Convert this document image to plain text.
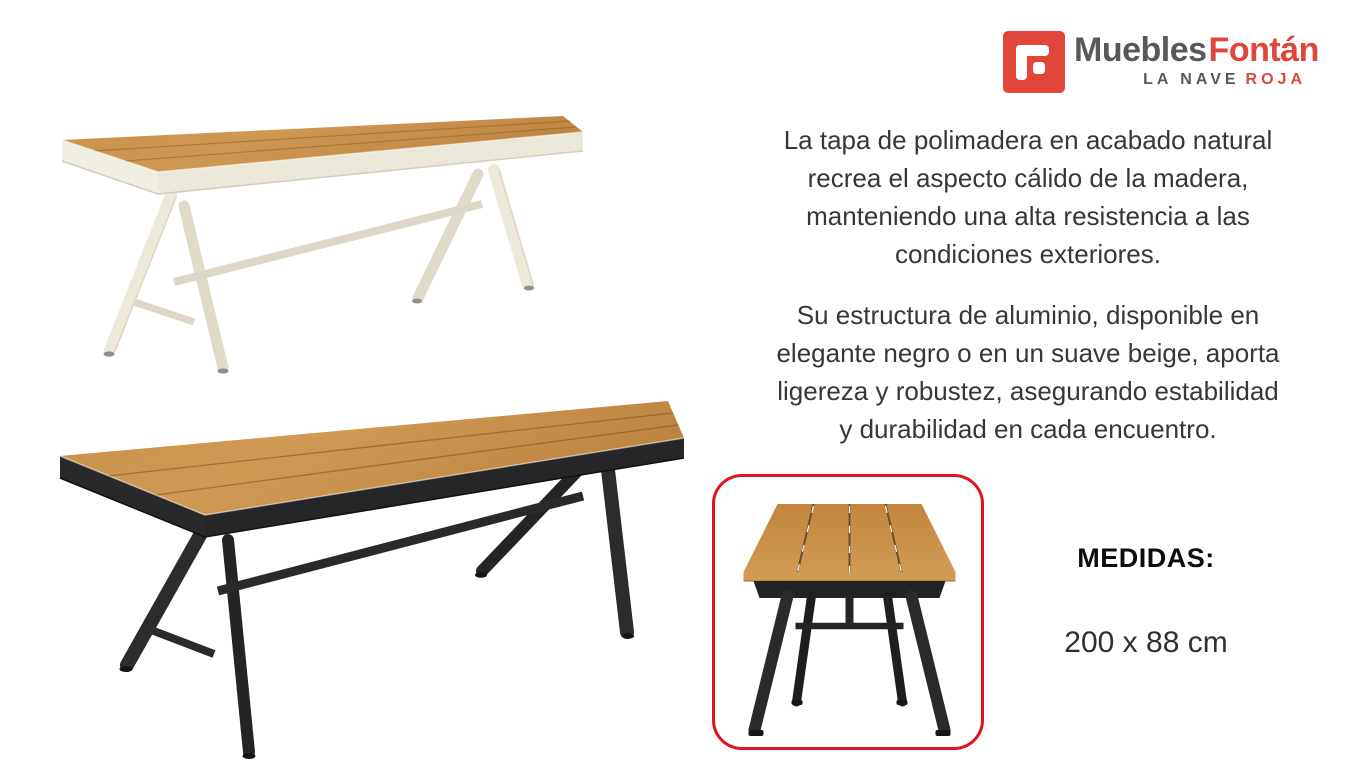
MueblesFontán
LA NAVE ROJA
La tapa de polimadera en acabado natural
recrea el aspecto cálido de la madera,
manteniendo una alta resistencia a las
condiciones exteriores.
Su estructura de aluminio, disponible en
elegante negro o en un suave beige, aporta
ligereza y robustez, asegurando estabilidad
y durabilidad en cada encuentro.
MEDIDAS:
200 x 88 cm
